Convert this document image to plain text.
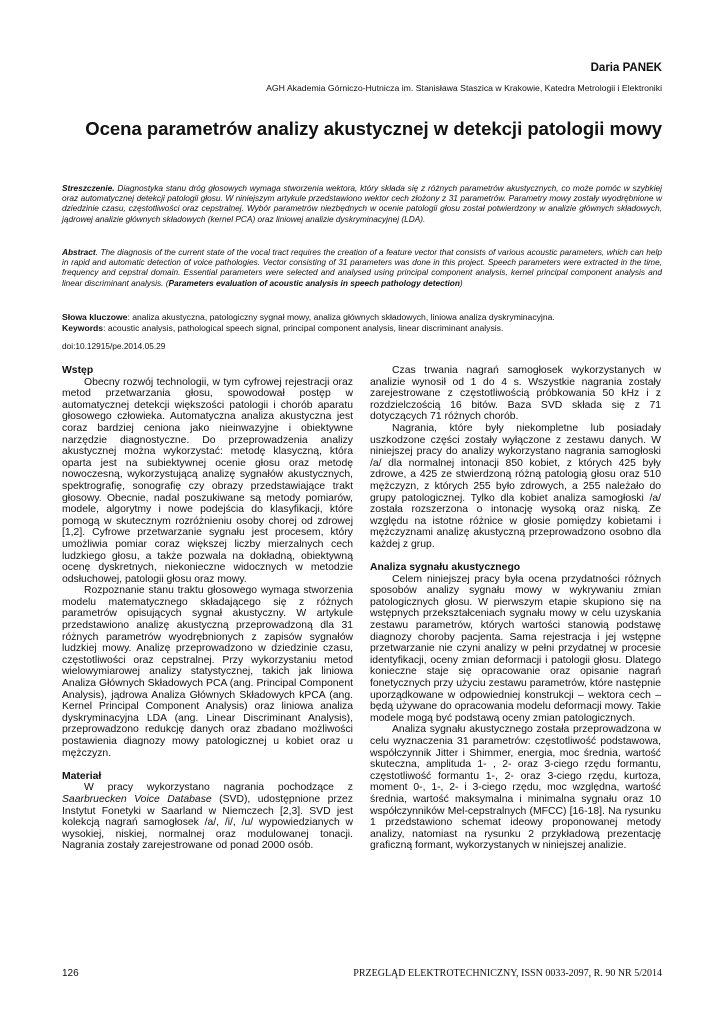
Daria PANEK
AGH Akademia Górniczo-Hutnicza im. Stanisława Staszica w Krakowie, Katedra Metrologii i Elektroniki
Ocena parametrów analizy akustycznej w detekcji patologii mowy
Streszczenie. Diagnostyka stanu dróg głosowych wymaga stworzenia wektora, który składa się z różnych parametrów akustycznych, co może pomóc w szybkiej oraz automatycznej detekcji patologii głosu. W niniejszym artykule przedstawiono wektor cech złożony z 31 parametrów. Parametry mowy zostały wyodrębnione w dziedzinie czasu, częstotliwości oraz cepstralnej. Wybór parametrów niezbędnych w ocenie patologii głosu został potwierdzony w analizie głównych składowych, jądrowej analizie głównych składowych (kernel PCA) oraz liniowej analizie dyskryminacyjnej (LDA).
Abstract. The diagnosis of the current state of the vocal tract requires the creation of a feature vector that consists of various acoustic parameters, which can help in rapid and automatic detection of voice pathologies. Vector consisting of 31 parameters was done in this project. Speech parameters were extracted in the time, frequency and cepstral domain. Essential parameters were selected and analysed using principal component analysis, kernel principal component analysis and linear discriminant analysis. (Parameters evaluation of acoustic analysis in speech pathology detection)
Słowa kluczowe: analiza akustyczna, patologiczny sygnał mowy, analiza głównych składowych, liniowa analiza dyskryminacyjna.
Keywords: acoustic analysis, pathological speech signal, principal component analysis, linear discriminant analysis.
doi:10.12915/pe.2014.05.29
Wstęp

Obecny rozwój technologii, w tym cyfrowej rejestracji oraz metod przetwarzania głosu, spowodował postęp w automatycznej detekcji większości patologii i chorób aparatu głosowego człowieka. Automatyczna analiza akustyczna jest coraz bardziej ceniona jako nieinwazyjne i obiektywne narzędzie diagnostyczne. Do przeprowadzenia analizy akustycznej można wykorzystać: metodę klasyczną, która oparta jest na subiektywnej ocenie głosu oraz metodę nowoczesną, wykorzystującą analizę sygnałów akustycznych, spektrografię, sonografię czy obrazy przedstawiające trakt głosowy. Obecnie, nadal poszukiwane są metody pomiarów, modele, algorytmy i nowe podejścia do klasyfikacji, które pomogą w skutecznym rozróżnieniu osoby chorej od zdrowej [1,2]. Cyfrowe przetwarzanie sygnału jest procesem, który umożliwia pomiar coraz większej liczby mierzalnych cech ludzkiego głosu, a także pozwala na dokładną, obiektywną ocenę dyskretnych, niekonieczne widocznych w metodzie odsłuchowej, patologii głosu oraz mowy.

Rozpoznanie stanu traktu głosowego wymaga stworzenia modelu matematycznego składającego się z różnych parametrów opisujących sygnał akustyczny. W artykule przedstawiono analizę akustyczną przeprowadzoną dla 31 różnych parametrów wyodrębnionych z zapisów sygnałów ludzkiej mowy. Analizę przeprowadzono w dziedzinie czasu, częstotliwości oraz cepstralnej. Przy wykorzystaniu metod wielowymiarowej analizy statystycznej, takich jak liniowa Analiza Głównych Składowych PCA (ang. Principal Component Analysis), jądrowa Analiza Głównych Składowych kPCA (ang. Kernel Principal Component Analysis) oraz liniowa analiza dyskryminacyjna LDA (ang. Linear Discriminant Analysis), przeprowadzono redukcję danych oraz zbadano możliwości postawienia diagnozy mowy patologicznej u kobiet oraz u mężczyzn.

Materiał

W pracy wykorzystano nagrania pochodzące z Saarbruecken Voice Database (SVD), udostępnione przez Instytut Fonetyki w Saarland w Niemczech [2,3]. SVD jest kolekcją nagrań samogłosek /a/, /i/, /u/ wypowiedzianych w wysokiej, niskiej, normalnej oraz modulowanej tonacji. Nagrania zostały zarejestrowane od ponad 2000 osób.

Czas trwania nagrań samogłosek wykorzystanych w analizie wynosił od 1 do 4 s. Wszystkie nagrania zostały zarejestrowane z częstotliwością próbkowania 50 kHz i z rozdzielczością 16 bitów. Baza SVD składa się z 71 dotyczących 71 różnych chorób.

Nagrania, które były niekompletne lub posiadały uszkodzone części zostały wyłączone z zestawu danych. W niniejszej pracy do analizy wykorzystano nagrania samogłoski /a/ dla normalnej intonacji 850 kobiet, z których 425 były zdrowe, a 425 ze stwierdzoną różną patologią głosu oraz 510 mężczyzn, z których 255 było zdrowych, a 255 należało do grupy patologicznej. Tylko dla kobiet analiza samogłoski /a/ została rozszerzona o intonację wysoką oraz niską. Ze względu na istotne różnice w głosie pomiędzy kobietami i mężczyznami analizę akustyczną przeprowadzono osobno dla każdej z grup.

Analiza sygnału akustycznego

Celem niniejszej pracy była ocena przydatności różnych sposobów analizy sygnału mowy w wykrywaniu zmian patologicznych głosu. W pierwszym etapie skupiono się na wstępnych przekształceniach sygnału mowy w celu uzyskania zestawu parametrów, których wartości stanowią podstawę diagnozy choroby pacjenta. Sama rejestracja i jej wstępne przetwarzanie nie czyni analizy w pełni przydatnej w procesie identyfikacji, oceny zmian deformacji i patologii głosu. Dlatego konieczne staje się opracowanie oraz opisanie nagrań fonetycznych przy użyciu zestawu parametrów, które następnie uporządkowane w odpowiedniej konstrukcji – wektora cech – będą używane do opracowania modelu deformacji mowy. Takie modele mogą być podstawą oceny zmian patologicznych.

Analiza sygnału akustycznego została przeprowadzona w celu wyznaczenia 31 parametrów: częstotliwość podstawowa, współczynnik Jitter i Shimmer, energia, moc średnia, wartość skuteczna, amplituda 1- , 2- oraz 3-ciego rzędu formantu, częstotliwość formantu 1-, 2- oraz 3-ciego rzędu, kurtoza, moment 0-, 1-, 2- i 3-ciego rzędu, moc względna, wartość średnia, wartość maksymalna i minimalna sygnału oraz 10 współczynników Mel-cepstralnych (MFCC) [16-18]. Na rysunku 1 przedstawiono schemat ideowy proponowanej metody analizy, natomiast na rysunku 2 przykładową prezentację graficzną formant, wykorzystanych w niniejszej analizie.

126	PRZEGLĄD ELEKTROTECHNICZNY, ISSN 0033-2097, R. 90 NR 5/2014
